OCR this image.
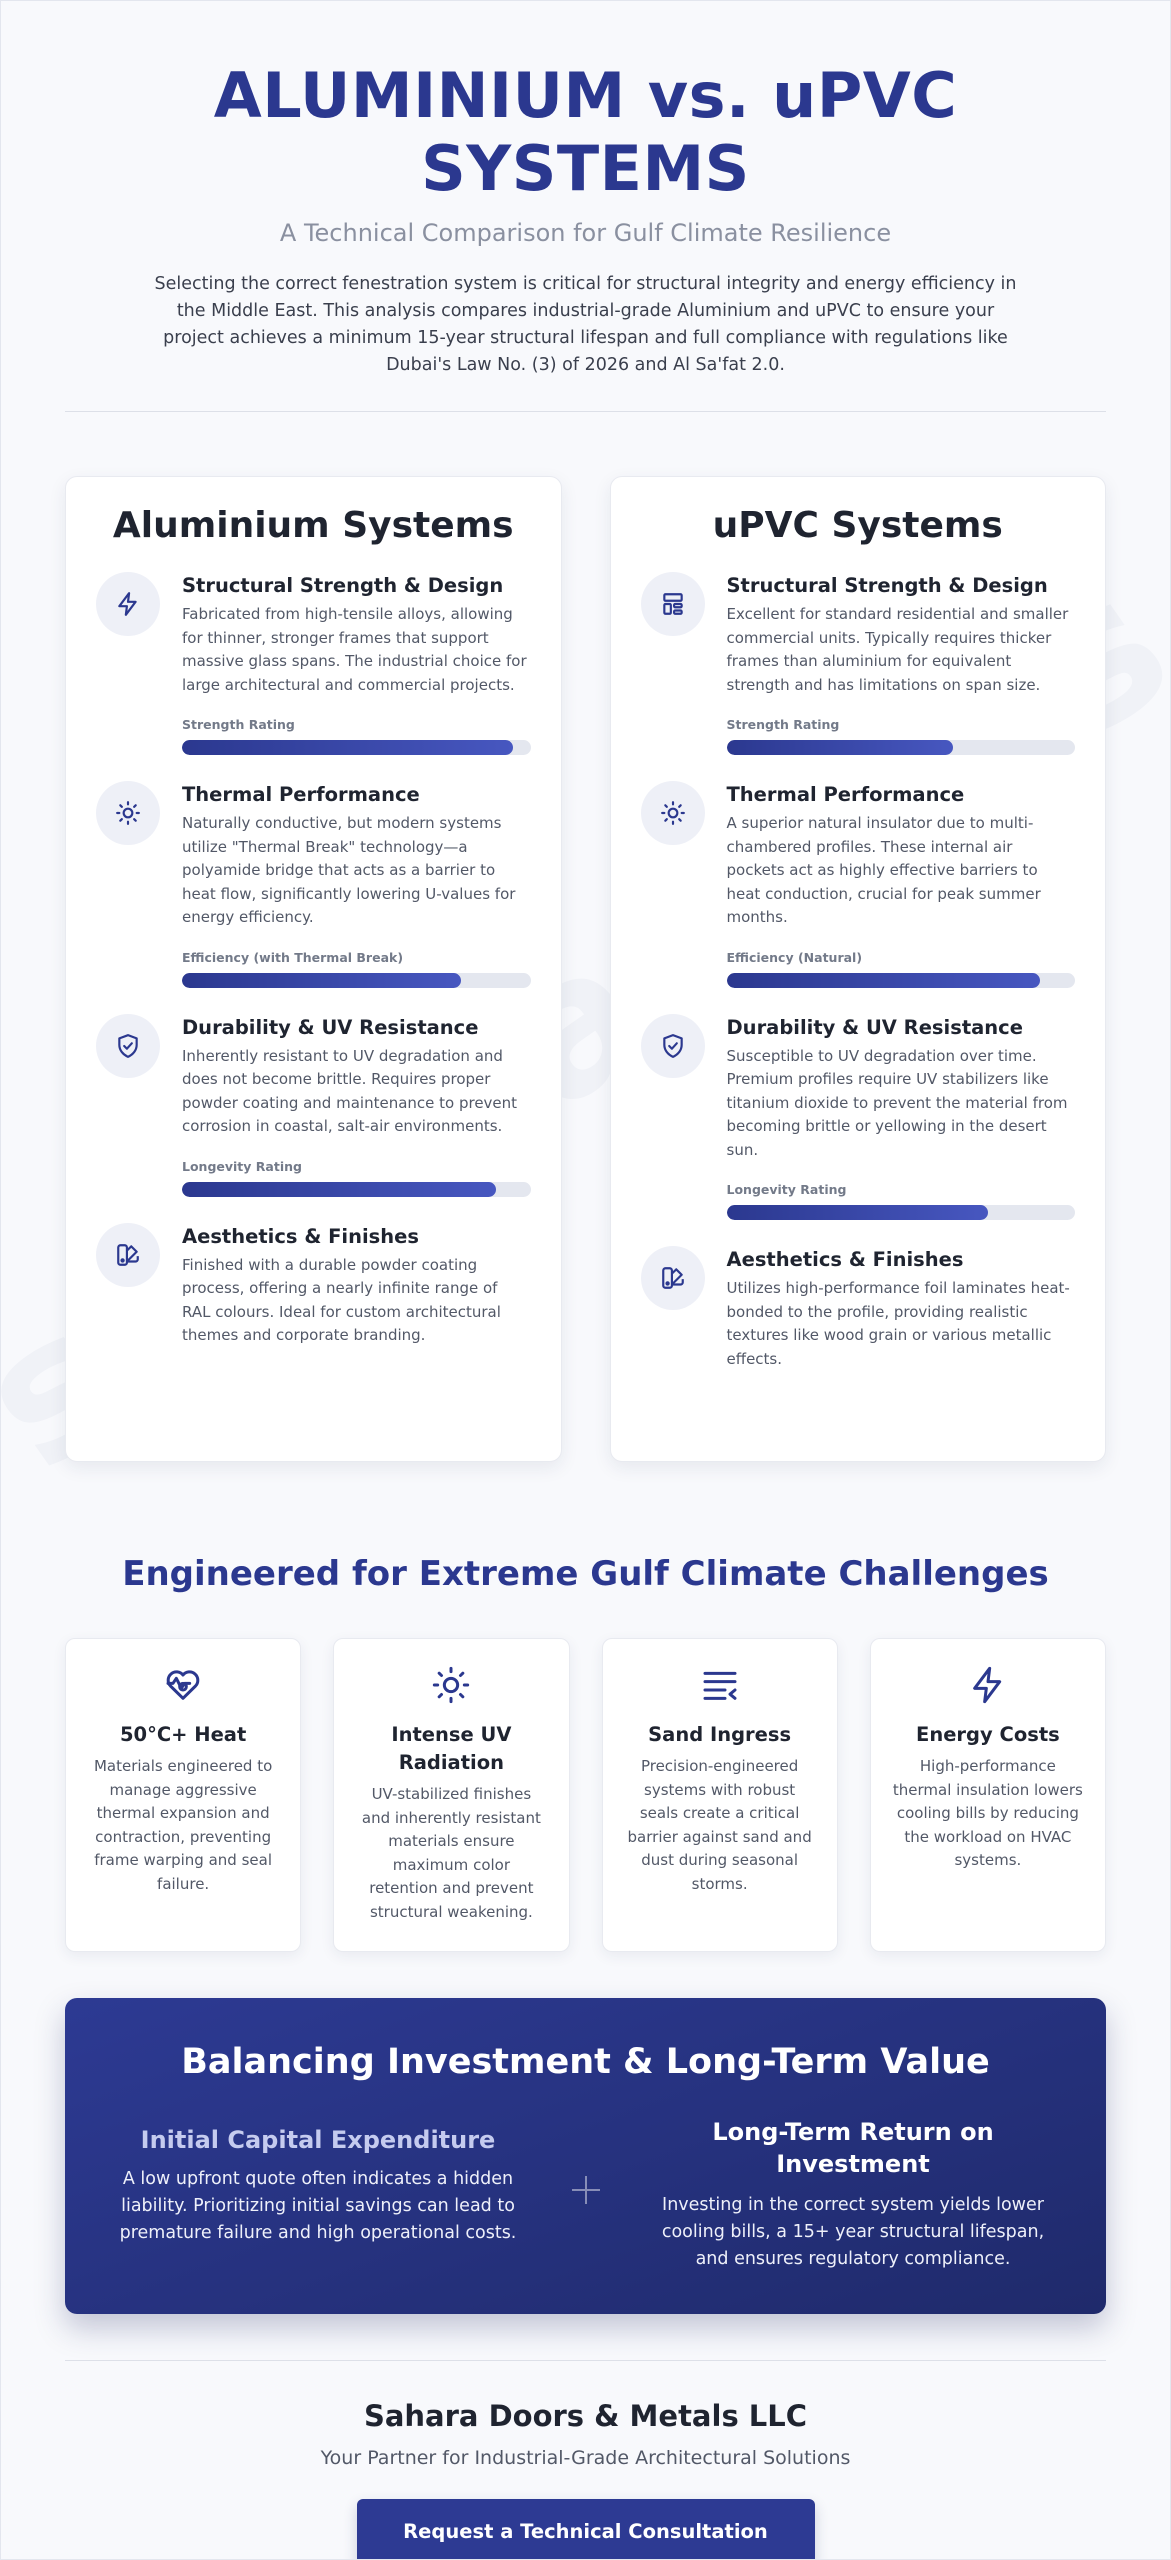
ALUMINIUM vs. uPVC SYSTEMS
A Technical Comparison for Gulf Climate Resilience

Selecting the correct fenestration system is critical for structural integrity and energy efficiency in the Middle East. This analysis compares industrial-grade Aluminium and uPVC to ensure your project achieves a minimum 15-year structural lifespan and full compliance with regulations like Dubai's Law No. (3) of 2026 and Al Sa'fat 2.0.

Aluminium Systems
Structural Strength & Design

Fabricated from high-tensile alloys, allowing for thinner, stronger frames that support massive glass spans. The industrial choice for large architectural and commercial projects.

Strength Rating
Thermal Performance

Naturally conductive, but modern systems utilize "Thermal Break" technology—a polyamide bridge that acts as a barrier to heat flow, significantly lowering U-values for energy efficiency.

Efficiency (with Thermal Break)
Durability & UV Resistance

Inherently resistant to UV degradation and does not become brittle. Requires proper powder coating and maintenance to prevent corrosion in coastal, salt-air environments.

Longevity Rating
Aesthetics & Finishes

Finished with a durable powder coating process, offering a nearly infinite range of RAL colours. Ideal for custom architectural themes and corporate branding.

uPVC Systems
Structural Strength & Design

Excellent for standard residential and smaller commercial units. Typically requires thicker frames than aluminium for equivalent strength and has limitations on span size.

Strength Rating
Thermal Performance

A superior natural insulator due to multi-chambered profiles. These internal air pockets act as highly effective barriers to heat conduction, crucial for peak summer months.

Efficiency (Natural)
Durability & UV Resistance

Susceptible to UV degradation over time. Premium profiles require UV stabilizers like titanium dioxide to prevent the material from becoming brittle or yellowing in the desert sun.

Longevity Rating
Aesthetics & Finishes

Utilizes high-performance foil laminates heat-bonded to the profile, providing realistic textures like wood grain or various metallic effects.

Engineered for Extreme Gulf Climate Challenges
50°C+ Heat

Materials engineered to manage aggressive thermal expansion and contraction, preventing frame warping and seal failure.

Intense UV Radiation

UV-stabilized finishes and inherently resistant materials ensure maximum color retention and prevent structural weakening.

Sand Ingress

Precision-engineered systems with robust seals create a critical barrier against sand and dust during seasonal storms.

Energy Costs

High-performance thermal insulation lowers cooling bills by reducing the workload on HVAC systems.

Balancing Investment & Long-Term Value
Initial Capital Expenditure

A low upfront quote often indicates a hidden liability. Prioritizing initial savings can lead to premature failure and high operational costs.

Long-Term Return on Investment

Investing in the correct system yields lower cooling bills, a 15+ year structural lifespan, and ensures regulatory compliance.

Sahara Doors & Metals LLC
Your Partner for Industrial-Grade Architectural Solutions
Request a Technical Consultation
